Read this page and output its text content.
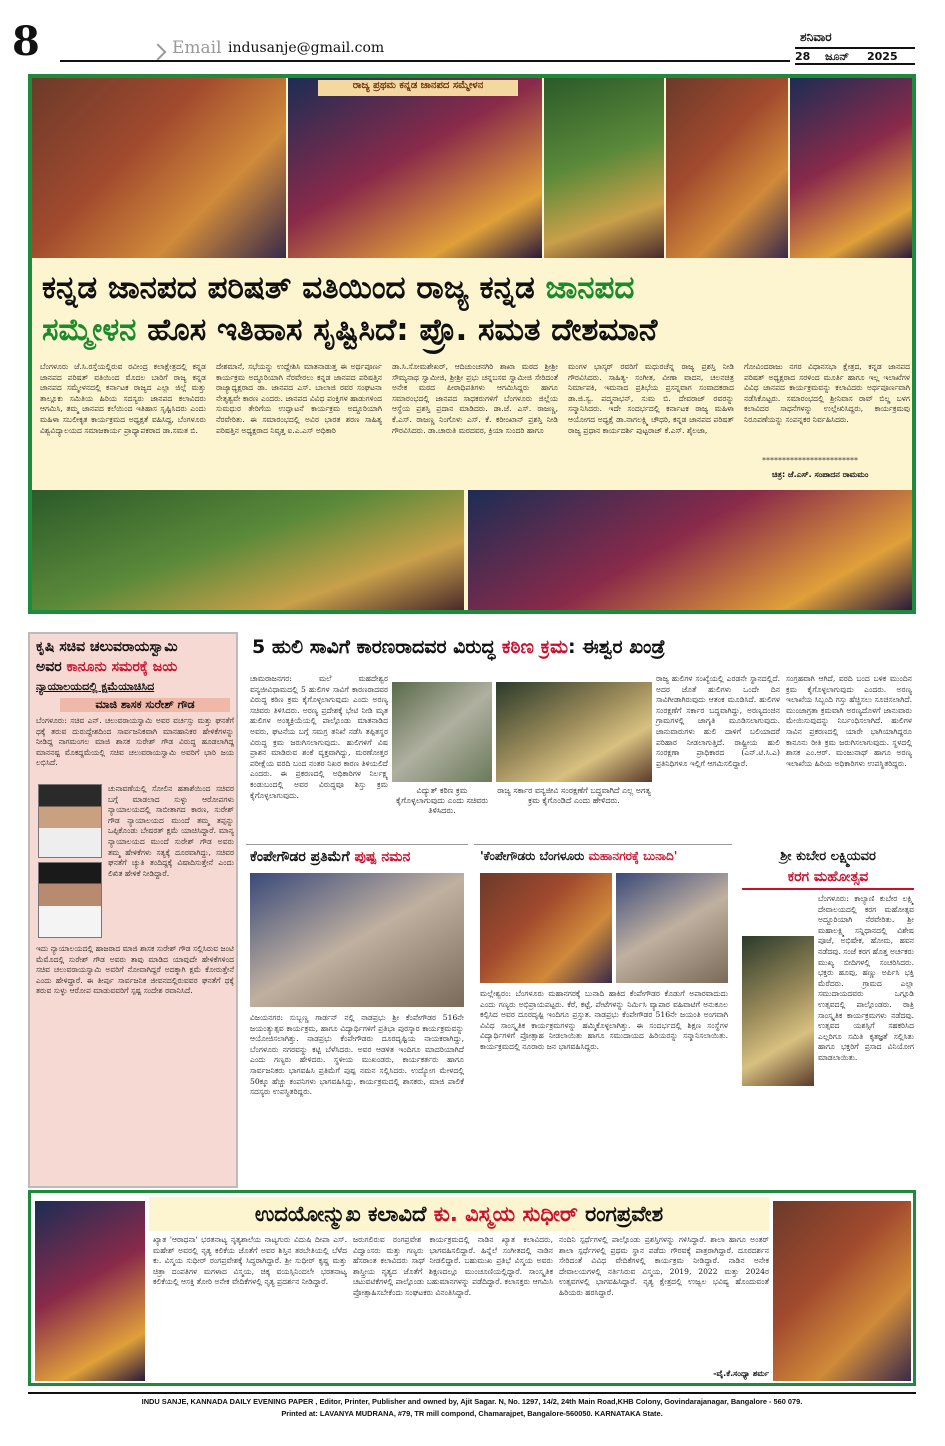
8	Email indusanje@gmail.com
ಶನಿವಾರ
28 ಜೂನ್ 2025
ರಾಜ್ಯ ಪ್ರಥಮ ಕನ್ನಡ ಜಾನಪದ ಸಮ್ಮೇಳನ
ಕನ್ನಡ ಜಾನಪದ ಪರಿಷತ್ ವತಿಯಿಂದ ರಾಜ್ಯ ಕನ್ನಡ ಜಾನಪದ
ಸಮ್ಮೇಳನ ಹೊಸ ಇತಿಹಾಸ ಸೃಷ್ಟಿಸಿದೆ: ಪ್ರೊ. ಸಮತ ದೇಶಮಾನೆ
ಬೆಂಗಳೂರು ಜೆ.ಸಿ.ರಸ್ತೆಯಲ್ಲಿರುವ ರವೀಂದ್ರ ಕಲಾಕ್ಷೇತ್ರದಲ್ಲಿ ಕನ್ನಡ ಜಾನಪದ ಪರಿಷತ್ ವತಿಯಿಂದ ಮೊದಲ ಬಾರಿಗೆ ರಾಜ್ಯ ಕನ್ನಡ ಜಾನಪದ ಸಮ್ಮೇಳನದಲ್ಲಿ ಕರ್ನಾಟಕ ರಾಜ್ಯದ ಎಲ್ಲಾ ಜಿಲ್ಲೆ ಮತ್ತು ತಾಲ್ಲೂಕು ಸಮಿತಿಯ ಹಿರಿಯ ಸದಸ್ಯರು ಜಾನಪದ ಕಲಾವಿದರು ಆಗಮಿಸಿ, ತಮ್ಮ ಜಾನಪದ ಕಲೆಯಿಂದ ಇತಿಹಾಸ ಸೃಷ್ಟಿಸಿದರು ಎಂದು ಮಹಿಳಾ ಸಬಲೀಕೃತ ಕಾರ್ಯಕ್ರಮದ ಅಧ್ಯಕ್ಷತೆ ವಹಿಸಿದ್ದ, ಬೆಂಗಳೂರು ವಿಶ್ವವಿದ್ಯಾಲಯದ ಸಮಾಜಕಾರ್ಯ ಪ್ರಾಧ್ಯಾಪಕರಾದ ಡಾ.ಸಮತ ಬಿ.
ದೇಶಮಾನೆ, ಸಭೆಯನ್ನು ಉದ್ದೇಶಿಸಿ ಮಾತನಾಡುತ್ತ ಈ ಅರ್ಥಪೂರ್ಣ ಕಾರ್ಯಕ್ರಮ ಅದ್ಧೂರಿಯಾಗಿ ನೆರವೇರಲು ಕನ್ನಡ ಜಾನಪದ ಪರಿಷತ್ತಿನ ರಾಜ್ಯಾಧ್ಯಕ್ಷರಾದ ಡಾ. ಜಾನಪದ ಎಸ್. ಬಾಲಾಜಿ ರವರ ಸಂಘಟನಾ ನೇತೃತ್ವವೇ ಕಾರಣ ಎಂದರು. ಜಾನಪದ ವಿವಿಧ ಪಂಕ್ತಿಗಳ ಹಾಡುಗಳಿಂದ ಸುಮಧುರ ತೇರಿಗೆಯ ಉದ್ಘಾಟನೆ ಕಾರ್ಯಕ್ರಮ ಅದ್ದೂರಿಯಾಗಿ ನೆರವೇರಿತು. ಈ ಸಮಾರಂಭದಲ್ಲಿ ಅವಿರ ಭಾರತ ಶರಣ ಸಾಹಿತ್ಯ ಪರಿಷತ್ತಿನ ಅಧ್ಯಕ್ಷರಾದ ನಿವೃತ್ತ ಐ.ಎ.ಎಸ್ ಅಧಿಕಾರಿ
ಡಾ.ಸಿ.ಸೋಮಶೇಖರ್, ಆದಿಚುಂಚನಗಿರಿ ಶಾಖಾ ಮಠದ ಶ್ರೀಶ್ರೀ ಸೌಮ್ಯನಾಥ ಸ್ವಾಮೀಜಿ, ಶ್ರೀಶ್ರೀ ಪ್ರಭು ಚನ್ನಬಸವ ಸ್ವಾಮೀಜಿ ಸೇರಿದಂತೆ ಅನೇಕ ಮಠದ ಪೀಠಾಧಿಪತಿಗಳು ಆಗಮಿಸಿದ್ದರು ಹಾಗೂ ಸಮಾರಂಭದಲ್ಲಿ ಜಾನಪದ ಸಾಧಕರುಗಳಿಗೆ ಬೆಂಗಳೂರು ಜಿಲ್ಲೆಯ ಆಸ್ಥೆಯ ಪ್ರಶಸ್ತಿ ಪ್ರದಾನ ಮಾಡಿದರು. ಡಾ.ಜೆ. ಎಸ್. ರಾಜಣ್ಣ, ಕೆ.ಎಸ್. ರಾಜಣ್ಣ ನಿಂಗೊಳು ಎಸ್. ಕೆ. ಕರೀಂಖಾನ್ ಪ್ರಶಸ್ತಿ ನೀಡಿ ಗೌರವಿಸಿದರು. ಡಾ.ಚಾರುತಿ ಮರದವರ, ಕ್ರಿಯಾ ಸುಂದರಿ ಹಾಗೂ
ಮಂಗಳ ಭಾಸ್ಕರ್ ರವರಿಗೆ ಮಧುರಚೆನ್ನ ರಾಜ್ಯ ಪ್ರಶಸ್ತಿ ನೀಡಿ ಗೌರವಿಸಿದರು. ಸಾಹಿತ್ಯ- ಸಂಗೀತ, ವೀಣಾ ವಾದನ, ಚಲನಚಿತ್ರ ನಿರ್ಮಾಪಕಿ, ಇಮನಾದ ಪ್ರತಿಭೆಯ ಪ್ರಸನ್ನವಾಗ ಸಂವಾದಕರಾದ ಡಾ.ಜಿ.ಸ್ವ. ಪದ್ಮನಾಭನ್, ಸುಮ ಬಿ. ದೇವರಾಜ್ ರವರನ್ನು ಸನ್ಮಾನಿಸಿದರು. ಇದೇ ಸಂದರ್ಭದಲ್ಲಿ ಕರ್ನಾಟಕ ರಾಜ್ಯ ಮಹಿಳಾ ಆಯೋಗದ ಅಧ್ಯಕ್ಷೆ ಡಾ.ನಾಗಲಕ್ಷ್ಮಿ ಚೌಧರಿ, ಕನ್ನಡ ಜಾನಪದ ಪರಿಷತ್ ರಾಜ್ಯ ಪ್ರಧಾನ ಕಾರ್ಯದರ್ಶಿ ಪುಟ್ಟರಾಜ್ ಕೆ.ಎಸ್. ಶೈಲಜಾ,
ಗೋವಿಂದರಾಜು ನಗರ ವಿಧಾನಸಭಾ ಕ್ಷೇತ್ರದ, ಕನ್ನಡ ಜಾನಪದ ಪರಿಷತ್ ಅಧ್ಯಕ್ಷರಾದ ಸರಳಿಂದ ಮೂರ್ತಿ ಹಾಗೂ ಇಲ್ಲ ಇಲಾಖೆಗಳ ವಿವಿಧ ಜಾನಪದ ಕಾರ್ಯಕ್ರಮವನ್ನು ಕಲಾವಿದರು ಅರ್ಥಪೂರ್ಣವಾಗಿ ನಡೆಸಿಕೊಟ್ಟರು. ಸಮಾರಂಭದಲ್ಲಿ ಶ್ರೀನಿವಾಸ ರಾವ್ ಬಿಲ್ಡ ಬಳಗ ಕಲಾವಿದರ ಸಾಧನೆಗಳನ್ನು ಉಲ್ಲೇಖಿಸಿದ್ದರು, ಕಾರ್ಯಕ್ರಮವು ನಿರೂಪಣೆಯನ್ನು ಸಂಪನ್ನಕರ ನಿರ್ವಹಿಸಿದರು.
************************
ಚಿತ್ರ: ಜೆ.ಎಸ್. ಸಂಪಾದನ ರಾಮಮಂ
ಕೃಷಿ ಸಚಿವ ಚಲುವರಾಯಸ್ವಾಮಿ
ಅವರ ಕಾನೂನು ಸಮರಕ್ಕೆ ಜಯ
ನ್ಯಾಯಾಲಯದಲ್ಲಿ ಕ್ಷಮೆಯಾಚಿಸಿದ
ಮಾಜಿ ಶಾಸಕ ಸುರೇಶ್ ಗೌಡ
ಬೆಂಗಳೂರು: ಸಚಿವ ಎನ್. ಚಲುವರಾಯಸ್ವಾಮಿ ಅವರ ವರ್ಚಸ್ಸು ಮತ್ತು ಘನತೆಗೆ ಧಕ್ಕೆ ತರುವ ದುರುದ್ದೇಶದಿಂದ ಸಾರ್ವಜನಿಕವಾಗಿ ಮಾನಹಾನಿಕರ ಹೇಳಿಕೆಗಳನ್ನು ನೀಡಿದ್ದ ನಾಗಮಂಗಲ ಮಾಜಿ ಶಾಸಕ ಸುರೇಶ್ ಗೌಡ ವಿರುದ್ಧ ಹೂಡಲಾಗಿದ್ದ ಮಾನನಷ್ಟ ಮೊಕದ್ದಮೆಯಲ್ಲಿ ಸಚಿವ ಚಲುವರಾಯಸ್ವಾಮಿ ಅವರಿಗೆ ಭಾರಿ ಜಯ ಲಭಿಸಿದೆ.
ಚುನಾವಣೆಯಲ್ಲಿ ಸೋಲಿನ ಹತಾಶೆಯಿಂದ ಸಚಿವರ ಬಗ್ಗೆ ಮಾಡಲಾದ ಸುಳ್ಳು ಆರೋಪಗಳು ನ್ಯಾಯಾಲಯದಲ್ಲಿ ಸಾಬೀತಾಗದ ಕಾರಣ, ಸುರೇಶ್ ಗೌಡ ನ್ಯಾಯಾಲಯದ ಮುಂದೆ ತಮ್ಮ ತಪ್ಪನ್ನು ಒಪ್ಪಿಕೊಂಡು ಬೇಷರತ್ ಕ್ಷಮೆ ಯಾಚಿಸಿದ್ದಾರೆ. ಮಾನ್ಯ ನ್ಯಾಯಾಲಯದ ಮುಂದೆ ಸುರೇಶ್ ಗೌಡ ಅವರು ತಮ್ಮ ಹೇಳಿಕೆಗಳು ಸತ್ಯಕ್ಕೆ ದೂರವಾಗಿದ್ದು, ಸಚಿವರ ಘನತೆಗೆ ಚ್ಯುತಿ ತಂದಿದ್ದಕ್ಕೆ ವಿಷಾದಿಸುತ್ತೇನೆ ಎಂದು ಲಿಖಿತ ಹೇಳಿಕೆ ನೀಡಿದ್ದಾರೆ.
ಇದು ನ್ಯಾಯಾಲಯದಲ್ಲಿ ಹಾಜರಾದ ಮಾಜಿ ಶಾಸಕ ಸುರೇಶ್ ಗೌಡ ಸಲ್ಲಿಸಿರುವ ಜಂಟಿ ಮೆಮೊದಲ್ಲಿ ಸುರೇಶ್ ಗೌಡ ಅವರು ತಾವು ಮಾಡಿದ ಯಾವುದೇ ಹೇಳಿಕೆಗಳಿಂದ ಸಚಿವ ಚಲುವರಾಯಸ್ವಾಮಿ ಅವರಿಗೆ ನೋವಾಗಿದ್ದರೆ ಅದಕ್ಕಾಗಿ ಕ್ಷಮೆ ಕೋರುತ್ತೇನೆ ಎಂದು ಹೇಳಿದ್ದಾರೆ. ಈ ತೀರ್ಪು ಸಾರ್ವಜನಿಕ ಜೀವನದಲ್ಲಿರುವವರ ಘನತೆಗೆ ಧಕ್ಕೆ ತರುವ ಸುಳ್ಳು ಆರೋಪ ಮಾಡುವವರಿಗೆ ಸ್ಪಷ್ಟ ಸಂದೇಶ ರವಾನಿಸಿದೆ.
5 ಹುಲಿ ಸಾವಿಗೆ ಕಾರಣರಾದವರ ವಿರುದ್ಧ ಕಠಿಣ ಕ್ರಮ: ಈಶ್ವರ ಖಂಡ್ರೆ
ಚಾಮರಾಜನಗರ: ಮಲೆ ಮಹದೇಶ್ವರ ವನ್ಯಜೀವಿಧಾಮದಲ್ಲಿ 5 ಹುಲಿಗಳ ಸಾವಿಗೆ ಕಾರಣರಾದವರ ವಿರುದ್ಧ ಕಠಿಣ ಕ್ರಮ ಕೈಗೊಳ್ಳಲಾಗುವುದು ಎಂದು ಅರಣ್ಯ ಸಚಿವರು ತಿಳಿಸಿದರು. ಅರಣ್ಯ ಪ್ರದೇಶಕ್ಕೆ ಭೇಟಿ ನೀಡಿ ಮೃತ ಹುಲಿಗಳ ಅಂತ್ಯಕ್ರಿಯೆಯಲ್ಲಿ ಪಾಲ್ಗೊಂಡು ಮಾತನಾಡಿದ ಅವರು, ಘಟನೆಯ ಬಗ್ಗೆ ಸಮಗ್ರ ತನಿಖೆ ನಡೆಸಿ ತಪ್ಪಿತಸ್ಥರ ವಿರುದ್ಧ ಕ್ರಮ ಜರುಗಿಸಲಾಗುವುದು. ಹುಲಿಗಳಿಗೆ ವಿಷ ಪ್ರಾಶನ ಮಾಡಿರುವ ಶಂಕೆ ವ್ಯಕ್ತವಾಗಿದ್ದು, ಮರಣೋತ್ತರ ಪರೀಕ್ಷೆಯ ವರದಿ ಬಂದ ನಂತರ ನಿಖರ ಕಾರಣ ತಿಳಿಯಲಿದೆ ಎಂದರು. ಈ ಪ್ರಕರಣದಲ್ಲಿ ಅಧಿಕಾರಿಗಳ ನಿರ್ಲಕ್ಷ್ಯ ಕಂಡುಬಂದಲ್ಲಿ ಅವರ ವಿರುದ್ಧವೂ ಶಿಸ್ತು ಕ್ರಮ ಕೈಗೊಳ್ಳಲಾಗುವುದು.
ವಿದ್ಯುತ್ ಕಠಿಣ ಕ್ರಮ ಕೈಗೊಳ್ಳಲಾಗುವುದು ಎಂದು ಸಚಿವರು ತಿಳಿಸಿದರು.
ರಾಜ್ಯ ಸರ್ಕಾರ ವನ್ಯಜೀವಿ ಸಂರಕ್ಷಣೆಗೆ ಬದ್ಧವಾಗಿದೆ ಎಲ್ಲ ಅಗತ್ಯ ಕ್ರಮ ಕೈಗೊಂಡಿದೆ ಎಂದು ಹೇಳಿದರು.
ರಾಜ್ಯ ಹುಲಿಗಳ ಸಂಖ್ಯೆಯಲ್ಲಿ ಎರಡನೇ ಸ್ಥಾನದಲ್ಲಿದೆ. ಅದರ ಜೊತೆ ಹುಲಿಗಳು ಒಂದೇ ದಿನ ಸಾವಿಗೀಡಾಗಿರುವುದು ಆತಂಕ ಮೂಡಿಸಿದೆ. ಹುಲಿಗಳ ಸಂರಕ್ಷಣೆಗೆ ಸರ್ಕಾರ ಬದ್ಧವಾಗಿದ್ದು, ಅರಣ್ಯದಂಚಿನ ಗ್ರಾಮಗಳಲ್ಲಿ ಜಾಗೃತಿ ಮೂಡಿಸಲಾಗುವುದು. ಜಾನುವಾರುಗಳು ಹುಲಿ ದಾಳಿಗೆ ಬಲಿಯಾದರೆ ಪರಿಹಾರ ನೀಡಲಾಗುತ್ತಿದೆ. ರಾಷ್ಟ್ರೀಯ ಹುಲಿ ಸಂರಕ್ಷಣಾ ಪ್ರಾಧಿಕಾರದ (ಎನ್.ಟಿ.ಸಿ.ಎ) ಪ್ರತಿನಿಧಿಗಳೂ ಇಲ್ಲಿಗೆ ಆಗಮಿಸಲಿದ್ದಾರೆ.
ಸಂಗ್ರಹವಾಗಿ ಆಗಿದೆ, ವರದಿ ಬಂದ ಬಳಿಕ ಮುಂದಿನ ಕ್ರಮ ಕೈಗೊಳ್ಳಲಾಗುವುದು ಎಂದರು. ಅರಣ್ಯ ಇಲಾಖೆಯ ಸಿಬ್ಬಂದಿ ಗಸ್ತು ಹೆಚ್ಚಿಸಲು ಸೂಚಿಸಲಾಗಿದೆ. ಮುಂಜಾಗ್ರತಾ ಕ್ರಮವಾಗಿ ಅರಣ್ಯದೊಳಗೆ ಜಾನುವಾರು ಮೇಯಿಸುವುದನ್ನು ನಿರ್ಬಂಧಿಸಲಾಗಿದೆ. ಹುಲಿಗಳ ಸಾವಿನ ಪ್ರಕರಣದಲ್ಲಿ ಯಾರೇ ಭಾಗಿಯಾಗಿದ್ದರೂ ಕಾನೂನು ರೀತಿ ಕ್ರಮ ಜರುಗಿಸಲಾಗುವುದು. ಸ್ಥಳದಲ್ಲಿ ಶಾಸಕ ಎಂ.ಆರ್. ಮಂಜುನಾಥ್ ಹಾಗೂ ಅರಣ್ಯ ಇಲಾಖೆಯ ಹಿರಿಯ ಅಧಿಕಾರಿಗಳು ಉಪಸ್ಥಿತರಿದ್ದರು.
ಕೆಂಪೇಗೌಡರ ಪ್ರತಿಮೆಗೆ ಪುಷ್ಪ ನಮನ
ವಿಜಯನಗರ: ಸುಬ್ಬಣ್ಣ ಗಾರ್ಡನ್ ನಲ್ಲಿ ನಾಡಪ್ರಭು ಶ್ರೀ ಕೆಂಪೇಗೌಡರ 516ನೇ ಜಯಂತ್ಯುತ್ಸವ ಕಾರ್ಯಕ್ರಮ, ಹಾಗೂ ವಿದ್ಯಾರ್ಥಿಗಳಿಗೆ ಪ್ರತಿಭಾ ಪುರಸ್ಕಾರ ಕಾರ್ಯಕ್ರಮವನ್ನು ಆಯೋಜಿಸಲಾಗಿತ್ತು. ನಾಡಪ್ರಭು ಕೆಂಪೇಗೌಡರು ದೂರದೃಷ್ಟಿಯ ನಾಯಕರಾಗಿದ್ದು, ಬೆಂಗಳೂರು ನಗರವನ್ನು ಕಟ್ಟಿ ಬೆಳೆಸಿದರು. ಅವರ ಆಡಳಿತ ಇಂದಿಗೂ ಮಾದರಿಯಾಗಿದೆ ಎಂದು ಗಣ್ಯರು ಹೇಳಿದರು. ಸ್ಥಳೀಯ ಮುಖಂಡರು, ಕಾರ್ಯಕರ್ತರು ಹಾಗೂ ಸಾರ್ವಜನಿಕರು ಭಾಗವಹಿಸಿ ಪ್ರತಿಮೆಗೆ ಪುಷ್ಪ ನಮನ ಸಲ್ಲಿಸಿದರು. ಉದ್ಯೋಗ ಮೇಳದಲ್ಲಿ 50ಕ್ಕೂ ಹೆಚ್ಚು ಕಂಪನಿಗಳು ಭಾಗವಹಿಸಿದ್ದು, ಕಾರ್ಯಕ್ರಮದಲ್ಲಿ ಶಾಸಕರು, ಮಾಜಿ ಪಾಲಿಕೆ ಸದಸ್ಯರು ಉಪಸ್ಥಿತರಿದ್ದರು.
'ಕೆಂಪೇಗೌಡರು ಬೆಂಗಳೂರು ಮಹಾನಗರಕ್ಕೆ ಬುನಾದಿ'
ಮಲ್ಲೇಶ್ವರಂ: ಬೆಂಗಳೂರು ಮಹಾನಗರಕ್ಕೆ ಬುನಾದಿ ಹಾಕಿದ ಕೆಂಪೇಗೌಡರ ಕೊಡುಗೆ ಅಪಾರವಾದುದು ಎಂದು ಗಣ್ಯರು ಅಭಿಪ್ರಾಯಪಟ್ಟರು. ಕೆರೆ, ಕಟ್ಟೆ, ಪೇಟೆಗಳನ್ನು ನಿರ್ಮಿಸಿ ವ್ಯಾಪಾರ ವಹಿವಾಟಿಗೆ ಅನುಕೂಲ ಕಲ್ಪಿಸಿದ ಅವರ ದೂರದೃಷ್ಟಿ ಇಂದಿಗೂ ಪ್ರಸ್ತುತ. ನಾಡಪ್ರಭು ಕೆಂಪೇಗೌಡರ 516ನೇ ಜಯಂತಿ ಅಂಗವಾಗಿ ವಿವಿಧ ಸಾಂಸ್ಕೃತಿಕ ಕಾರ್ಯಕ್ರಮಗಳನ್ನು ಹಮ್ಮಿಕೊಳ್ಳಲಾಗಿತ್ತು. ಈ ಸಂದರ್ಭದಲ್ಲಿ ಶಿಕ್ಷಣ ಸಂಸ್ಥೆಗಳ ವಿದ್ಯಾರ್ಥಿಗಳಿಗೆ ಪ್ರೋತ್ಸಾಹ ನೀಡಲಾಯಿತು ಹಾಗೂ ಸಮುದಾಯದ ಹಿರಿಯರನ್ನು ಸನ್ಮಾನಿಸಲಾಯಿತು. ಕಾರ್ಯಕ್ರಮದಲ್ಲಿ ನೂರಾರು ಜನ ಭಾಗವಹಿಸಿದ್ದರು.
ಶ್ರೀ ಕುಬೇರ ಲಕ್ಷ್ಮಿಯವರ
ಕರಗ ಮಹೋತ್ಸವ
ಬೆಂಗಳೂರು: ಕಾಲ್ಯಾಣಿ ಕುಬೇರ ಲಕ್ಷ್ಮಿ ದೇವಾಲಯದಲ್ಲಿ ಕರಗ ಮಹೋತ್ಸವ ಅದ್ದೂರಿಯಾಗಿ ನೆರವೇರಿತು. ಶ್ರೀ ಮಹಾಲಕ್ಷ್ಮಿ ಸನ್ನಿಧಾನದಲ್ಲಿ ವಿಶೇಷ ಪೂಜೆ, ಅಭಿಷೇಕ, ಹೋಮ, ಹವನ ನಡೆದವು. ಸಂಜೆ ಕರಗ ಹೊತ್ತ ಅರ್ಚಕರು ಮುಖ್ಯ ಬೀದಿಗಳಲ್ಲಿ ಸಂಚರಿಸಿದರು. ಭಕ್ತರು ಹೂವು, ಹಣ್ಣು ಅರ್ಪಿಸಿ ಭಕ್ತಿ ಮೆರೆದರು. ಗ್ರಾಮದ ಎಲ್ಲಾ ಸಮುದಾಯದವರು ಒಗ್ಗೂಡಿ ಉತ್ಸವದಲ್ಲಿ ಪಾಲ್ಗೊಂಡರು. ರಾತ್ರಿ ಸಾಂಸ್ಕೃತಿಕ ಕಾರ್ಯಕ್ರಮಗಳು ನಡೆದವು. ಉತ್ಸವದ ಯಶಸ್ಸಿಗೆ ಸಹಕರಿಸಿದ ಎಲ್ಲರಿಗೂ ಸಮಿತಿ ಕೃತಜ್ಞತೆ ಸಲ್ಲಿಸಿತು ಹಾಗೂ ಭಕ್ತರಿಗೆ ಪ್ರಸಾದ ವಿನಿಯೋಗ ಮಾಡಲಾಯಿತು.
ಉದಯೋನ್ಮುಖ ಕಲಾವಿದೆ ಕು. ವಿಸ್ಮಯ ಸುಧೀರ್ ರಂಗಪ್ರವೇಶ
ಖ್ಯಾತ 'ಆರಾಧನಾ' ಭರತನಾಟ್ಯ ನೃತ್ಯಶಾಲೆಯ ನಾಟ್ಯಗುರು ವಿದುಷಿ ದೀಪಾ ಎಸ್. ಮಹೇಶ್ ಅವರಲ್ಲಿ ನೃತ್ಯ ಕಲಿಕೆಯ ಜೊತೆಗೆ ಅವರ ಶಿಸ್ತಿನ ತರಬೇತಿಯಲ್ಲಿ ಬೆಳೆದ ಕು. ವಿಸ್ಮಯ ಸುಧೀರ್ ರಂಗಪ್ರವೇಶಕ್ಕೆ ಸಿದ್ಧರಾಗಿದ್ದಾರೆ. ಶ್ರೀ ಸುಧೀರ್ ಕೃಷ್ಣ ಮತ್ತು ಚಿತ್ರಾ ದಂಪತಿಗಳ ಮಗಳಾದ ವಿಸ್ಮಯ, ಚಿಕ್ಕ ವಯಸ್ಸಿನಿಂದಲೇ ಭರತನಾಟ್ಯ ಕಲಿಕೆಯಲ್ಲಿ ಆಸಕ್ತಿ ತೋರಿ ಅನೇಕ ವೇದಿಕೆಗಳಲ್ಲಿ ನೃತ್ಯ ಪ್ರದರ್ಶನ ನೀಡಿದ್ದಾರೆ.
ಜರುಗಲಿರುವ ರಂಗಪ್ರವೇಶ ಕಾರ್ಯಕ್ರಮದಲ್ಲಿ ನಾಡಿನ ಖ್ಯಾತ ಕಲಾವಿದರು, ವಿದ್ವಾಂಸರು ಮತ್ತು ಗಣ್ಯರು ಭಾಗವಹಿಸಲಿದ್ದಾರೆ. ಹಿನ್ನೆಲೆ ಸಂಗೀತದಲ್ಲಿ ನಾಡಿನ ಹೆಸರಾಂತ ಕಲಾವಿದರು ಸಾಥ್ ನೀಡಲಿದ್ದಾರೆ. ಬಹುಮುಖ ಪ್ರತಿಭೆ ವಿಸ್ಮಯ ಅವರು ಶಾಸ್ತ್ರೀಯ ನೃತ್ಯದ ಜೊತೆಗೆ ಶಿಕ್ಷಣದಲ್ಲೂ ಮುಂಚೂಣಿಯಲ್ಲಿದ್ದಾರೆ. ಸಾಂಸ್ಕೃತಿಕ ಚಟುವಟಿಕೆಗಳಲ್ಲಿ ಪಾಲ್ಗೊಂಡು ಬಹುಮಾನಗಳನ್ನು ಪಡೆದಿದ್ದಾರೆ. ಕಲಾಸಕ್ತರು ಆಗಮಿಸಿ ಪ್ರೋತ್ಸಾಹಿಸಬೇಕೆಂದು ಸಂಘಟಕರು ವಿನಂತಿಸಿದ್ದಾರೆ.
ನಂದಿನಿ ಸ್ಪರ್ಧೆಗಳಲ್ಲಿ ಪಾಲ್ಗೊಂಡು ಪ್ರಶಸ್ತಿಗಳನ್ನು ಗಳಿಸಿದ್ದಾರೆ. ಶಾಲಾ ಹಾಗೂ ಅಂತರ್ ಶಾಲಾ ಸ್ಪರ್ಧೆಗಳಲ್ಲಿ ಪ್ರಥಮ ಸ್ಥಾನ ಪಡೆದು ಗೌರವಕ್ಕೆ ಪಾತ್ರರಾಗಿದ್ದಾರೆ. ದೂರದರ್ಶನ ಸೇರಿದಂತೆ ವಿವಿಧ ವೇದಿಕೆಗಳಲ್ಲಿ ಕಾರ್ಯಕ್ರಮ ನೀಡಿದ್ದಾರೆ. ನಾಡಿನ ಅನೇಕ ದೇವಾಲಯಗಳಲ್ಲಿ ನರ್ತಿಸಿರುವ ವಿಸ್ಮಯ, 2019, 2022 ಮತ್ತು 2024ರ ಉತ್ಸವಗಳಲ್ಲಿ ಭಾಗವಹಿಸಿದ್ದಾರೆ. ನೃತ್ಯ ಕ್ಷೇತ್ರದಲ್ಲಿ ಉಜ್ವಲ ಭವಿಷ್ಯ ಹೊಂದುವಂತೆ ಹಿರಿಯರು ಹರಸಿದ್ದಾರೆ.
-ವೈ.ಕೆ.ಸಂಧ್ಯಾ ಶರ್ಮ
INDU SANJE, KANNADA DAILY EVENING PAPER , Editor, Printer, Publisher and owned by, Ajit Sagar. N, No. 1297, 14/2, 24th Main Road,KHB Colony, Govindarajanagar, Bangalore - 560 079.
Printed at: LAVANYA MUDRANA, #79, TR mill compond, Chamarajpet, Bangalore-560050. KARNATAKA State.
